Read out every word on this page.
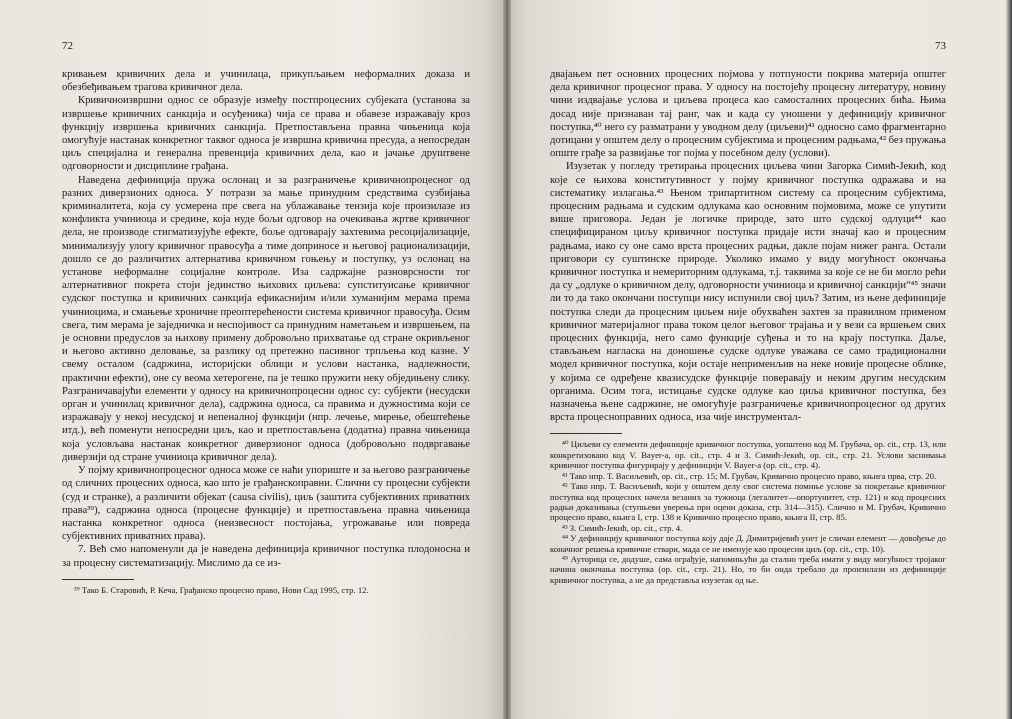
72

кривањем кривичних дела и учинилаца, прикупљањем неформалних доказа и обезбеђивањем трагова кривичног дела.

Кривичноизвршни однос се образује између постпроцесних субјеката (установа за извршење кривичних санкција и осуђеника) чија се права и обавезе изражавају кроз функцију извршења кривичних санкција. Претпостављена правна чињеница која омогућује настанак конкретног таквог односа је извршна кривична пресуда, а непосредан циљ специјална и генерална превенција кривичних дела, као и јачање друштвене одговорности и дисциплине грађана.

Наведена дефиниција пружа ослонац и за разграничење кривичнопроцесног од разних диверзионих односа. У потрази за мање принудним средствима сузбијања криминалитета, која су усмерена пре свега на ублажавање тензија које произилазе из конфликта учиниоца и средине, која нуде бољи одговор на очекивања жртве кривичног дела, не производе стигматизујуће ефекте, боље одговарају захтевима ресоцијализације, минимализују улогу кривичног правосуђа а тиме доприносе и његовој рационализацији, дошло се до различитих алтернатива кривичном гоњењу и поступку, уз ослонац на установе неформалне социјалне контроле. Иза садржајне разноврсности тог алтернативног покрета стоји јединство њихових циљева: супституисање кривичног судског поступка и кривичних санкција ефикаснијим и/или хуманијим мерама према учиниоцима, и смањење хроничне преоптерећености система кривичног правосуђа. Осим свега, тим мерама је заједничка и неспојивост са принудним наметањем и извршењем, па је основни предуслов за њихову примену добровољно прихватање од стране окривљеног и његово активно деловање, за разлику од претежно пасивног трпљења код казне. У свему осталом (садржина, историјски облици и услови настанка, надлежности, практични ефекти), оне су веома хетерогене, па је тешко пружити неку обједињену слику. Разграничавајући елементи у односу на кривичнопроцесни однос су: субјекти (несудски орган и учинилац кривичног дела), садржина односа, са правима и дужностима који се изражавају у некој несудској и непеналној функцији (нпр. лечење, мирење, обештећење итд.), већ поменути непосредни циљ, као и претпостављена (додатна) правна чињеница која условљава настанак конкретног диверзионог односа (добровољно подвргавање диверзији од стране учиниоца кривичног дела).

У појму кривичнопроцесног односа може се наћи упориште и за његово разграничење од сличних процесних односа, као што је грађанскоправни. Слични су процесни субјекти (суд и странке), а различити објекат (causa civilis), циљ (заштита субјективних приватних права³⁹), садржина односа (процесне функције) и претпостављена правна чињеница настанка конкретног односа (неизвесност постојања, угрожавање или повреда субјективних приватних права).

7. Већ смо напоменули да је наведена дефиниција кривичног поступка плодоносна и за процесну систематизацију. Мислимо да се из-

³⁹ Тако Б. Старовић, Р. Кеча, Грађанско процесно право, Нови Сад 1995, стр. 12.

73

двајањем пет основних процесних појмова у потпуности покрива материја општег дела кривичног процесног права. У односу на постојећу процесну литературу, новину чини издвајање услова и циљева процеса као самосталних процесних бића. Њима досад није признаван тај ранг, чак и када су уношени у дефиницију кривичног поступка,⁴⁰ него су разматрани у уводном делу (циљеви)⁴¹ односно само фрагментарно дотицани у општем делу о процесним субјектима и процесним радњама,⁴² без пружања опште грађе за развијање тог појма у посебном делу (услови).

Изузетак у погледу третирања процесних циљева чини Загорка Симић-Јекић, код које се њихова конститутивност у појму кривичног поступка одражава и на систематику излагања.⁴³ Њеном трипартитном систему са процесним субјектима, процесним радњама и судским одлукама као основним појмовима, може се упутити више приговора. Један је логичке природе, зато што судској одлуци⁴⁴ као специфицираном циљу кривичног поступка придаје исти значај као и процесним радњама, иако су оне само врста процесних радњи, дакле појам нижег ранга. Остали приговори су суштинске природе. Уколико имамо у виду могућност окончања кривичног поступка и немериторним одлукама, т.ј. таквима за које се не би могло рећи да су „одлуке о кривичном делу, одговорности учиниоца и кривичној санкцији“⁴⁵ значи ли то да тако окончани поступци нису испунили свој циљ? Затим, из њене дефиниције поступка следи да процесним циљем није обухваћен захтев за правилном применом кривичног материјалног права током целог његовог трајања и у вези са вршењем свих процесних функција, него само функције суђења и то на крају поступка. Даље, стављањем нагласка на доношење судске одлуке уважава се само традиционални модел кривичног поступка, који остаје неприменљив на неке новије процесне облике, у којима се одређене квазисудске функције поверавају и неким другим несудским органима. Осим тога, истицање судске одлуке као циља кривичног поступка, без назначења њене садржине, не омогућује разграничење кривичнопроцесног од других врста процесноправних односа, иза чије инструментал-

⁴⁰ Циљеви су елементи дефиниције кривичног поступка, уопштено код М. Грубача, op. cit., стр. 13, или конкретизовано код V. Bayer-a, op. cit., стр. 4 и З. Симић-Јекић, op. cit., стр. 21. Услови заснивања кривичног поступка фигурирају у дефиницији V. Bayer-a (op. cit., стр. 4).

⁴¹ Тако нпр. Т. Васиљевић, op. cit., стр. 15; М. Грубач, Кривично процесно право, књига прва, стр. 20.

⁴² Тако нпр. Т. Васиљевић, који у општем делу свог система помиње услове за покретање кривичног поступка код процесних начела везаних за тужиоца (легалитет—опортунитет, стр. 121) и код процесних радњи доказивања (ступњеви уверења при оцени доказа, стр. 314—315). Слично и М. Грубач, Кривично процесно право, књига I, стр. 138 и Кривично процесно право, књига II, стр. 85.

⁴³ З. Симић-Јекић, op. cit., стр. 4.

⁴⁴ У дефиницију кривичног поступка коју даје Д. Димитријевић унет је сличан елемент — довођење до коначног решења кривичне ствари, мада се не именује као процесни циљ (op. cit., стр. 10).

⁴⁵ Ауторица се, додуше, сама ограђује, напомињући да стално треба имати у виду могућност тројаког начина окончања поступка (op. cit., стр. 21). Но, то би онда требало да произилази из дефиниције кривичног поступка, а не да представља изузетак од ње.
